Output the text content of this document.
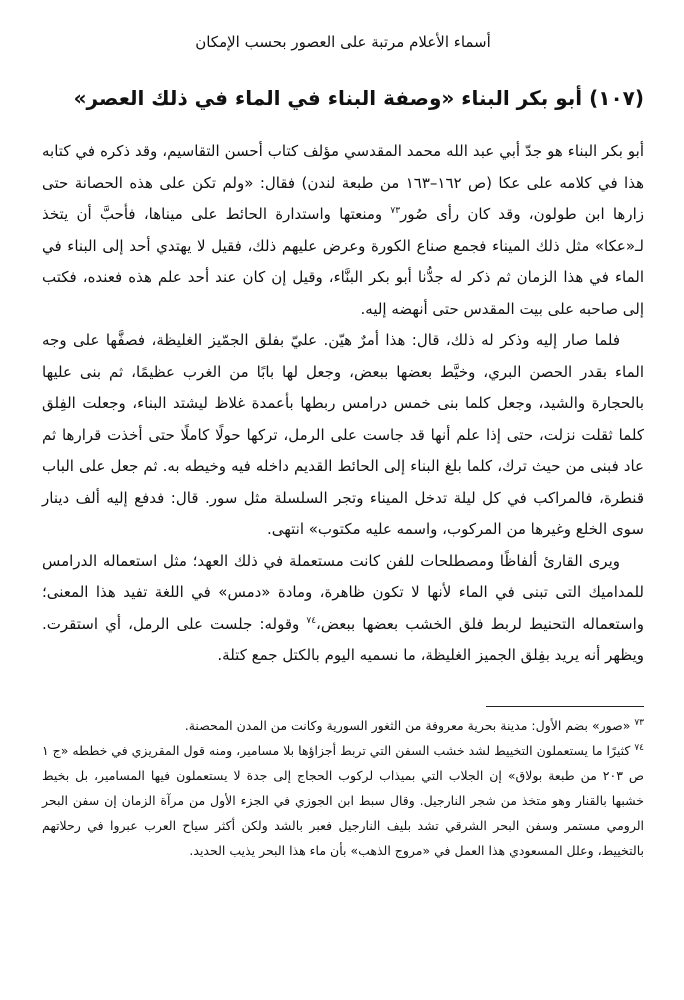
أسماء الأعلام مرتبة على العصور بحسب الإمكان
(١٠٧) أبو بكر البناء «وصفة البناء في الماء في ذلك العصر»

أبو بكر البناء هو جدّ أبي عبد الله محمد المقدسي مؤلف كتاب أحسن التقاسيم، وقد ذكره في كتابه هذا في كلامه على عكا (ص ١٦٢–١٦٣ من طبعة لندن) فقال: «ولم تكن على هذه الحصانة حتى زارها ابن طولون، وقد كان رأى صُور$^{٧٣}$ ومنعتها واستدارة الحائط على ميناها، فأحبَّ أن يتخذ لـ«عكا» مثل ذلك الميناء فجمع صناع الكورة وعرض عليهم ذلك، فقيل لا يهتدي أحد إلى البناء في الماء في هذا الزمان ثم ذكر له جدُّنا أبو بكر البنَّاء، وقيل إن كان عند أحد علم هذه فعنده، فكتب إلى صاحبه على بيت المقدس حتى أنهضه إليه.

فلما صار إليه وذكر له ذلك، قال: هذا أمرٌ هيّن. عليّ بفلق الجمّيز الغليظة، فصفَّها على وجه الماء بقدر الحصن البري، وخيَّط بعضها ببعض، وجعل لها بابًا من الغرب عظيمًا، ثم بنى عليها بالحجارة والشيد، وجعل كلما بنى خمس درامس ربطها بأعمدة غلاظ ليشتد البناء، وجعلت الفِلق كلما ثقلت نزلت، حتى إذا علم أنها قد جاست على الرمل، تركها حولًا كاملًا حتى أخذت قرارها ثم عاد فبنى من حيث ترك، كلما بلغ البناء إلى الحائط القديم داخله فيه وخيطه به. ثم جعل على الباب قنطرة، فالمراكب في كل ليلة تدخل الميناء وتجر السلسلة مثل سور. قال: فدفع إليه ألف دينار سوى الخلع وغيرها من المركوب، واسمه عليه مكتوب» انتهى.

ويرى القارئ ألفاظًا ومصطلحات للفن كانت مستعملة في ذلك العهد؛ مثل استعماله الدرامس للمداميك التى تبنى في الماء لأنها لا تكون ظاهرة، ومادة «دمس» في اللغة تفيد هذا المعنى؛ واستعماله التحنيط لربط فلق الخشب بعضها ببعض،$^{٧٤}$ وقوله: جلست على الرمل، أي استقرت. ويظهر أنه يريد بفِلق الجميز الغليظة، ما نسميه اليوم بالكتل جمع كتلة.

$^{٧٣}$ «صور» بضم الأول: مدينة بحرية معروفة من الثغور السورية وكانت من المدن المحصنة.

$^{٧٤}$ كثيرًا ما يستعملون التخييط لشد خشب السفن التي تربط أجزاؤها بلا مسامير، ومنه قول المقريزي في خططه «ج ١ ص ٢٠٣ من طبعة بولاق» إن الجلاب التي بميذاب لركوب الحجاج إلى جدة لا يستعملون فيها المسامير، بل بخيط خشبها بالقنار وهو متخذ من شجر النارجيل. وقال سبط ابن الجوزي في الجزء الأول من مرآة الزمان إن سفن البحر الرومي مستمر وسفن البحر الشرقي تشد بليف النارجيل فعبر بالشد ولكن أكثر سياح العرب عبروا في رحلاتهم بالتخييط، وعلل المسعودي هذا العمل في «مروج الذهب» بأن ماء هذا البحر يذيب الحديد.
